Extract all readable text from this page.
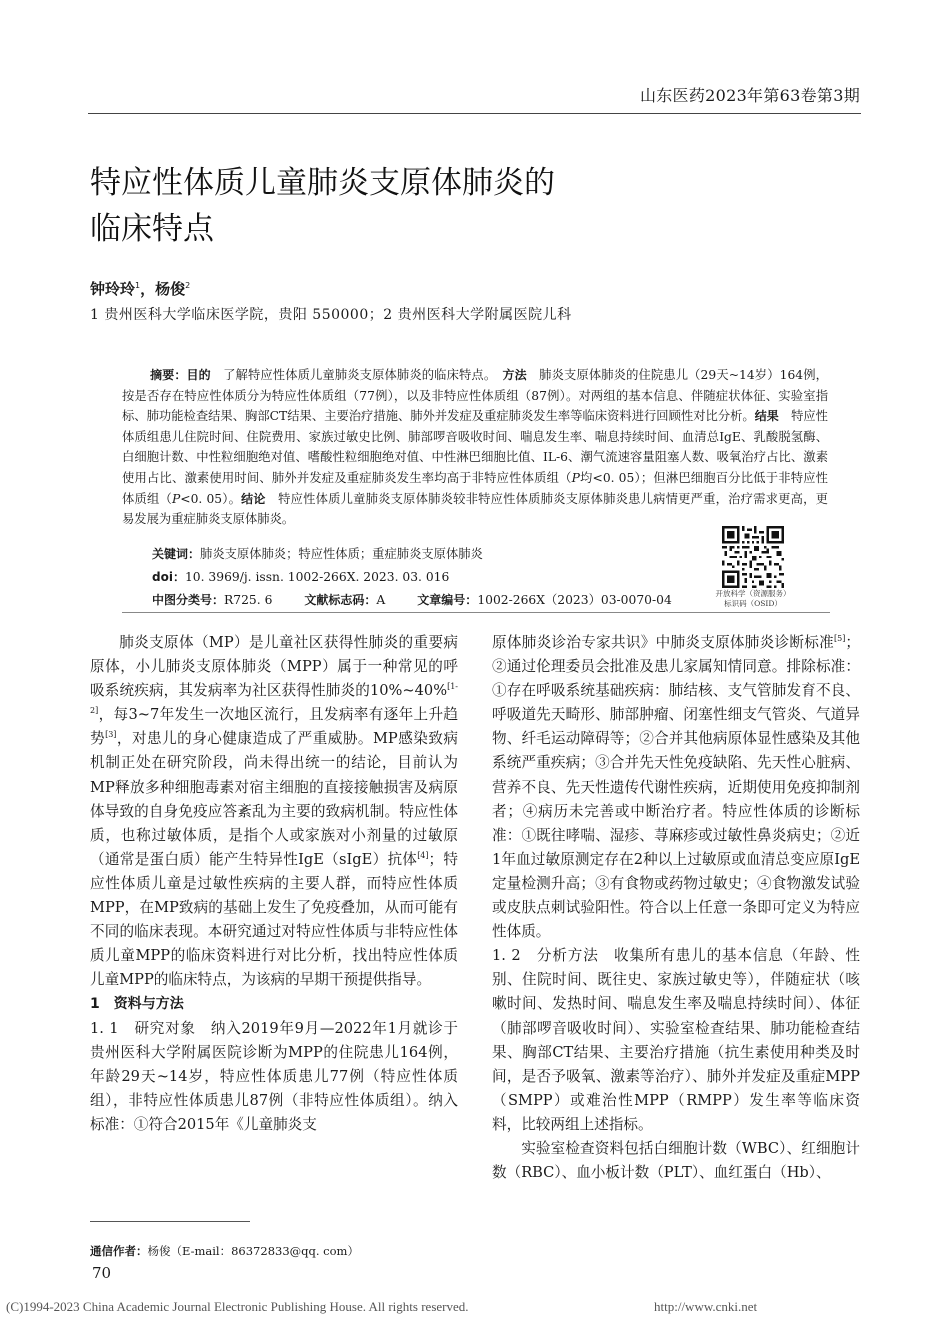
山东医药2023年第63卷第3期
特应性体质儿童肺炎支原体肺炎的
临床特点
钟玲玲$^1$，杨俊$^2$
1 贵州医科大学临床医学院，贵阳 550000；2 贵州医科大学附属医院儿科

摘要：目的　 了解特应性体质儿童肺炎支原体肺炎的临床特点。　 方法　 肺炎支原体肺炎的住院患儿（29天~14岁）164例，按是否存在特应性体质分为特应性体质组（77例），以及非特应性体质组（87例）。对两组的基本信息、伴随症状体征、实验室指标、肺功能检查结果、胸部CT结果、主要治疗措施、肺外并发症及重症肺炎发生率等临床资料进行回顾性对比分析。结果　 特应性体质组患儿住院时间、住院费用、家族过敏史比例、肺部啰音吸收时间、喘息发生率、喘息持续时间、血清总IgE、乳酸脱氢酶、白细胞计数、中性粒细胞绝对值、嗜酸性粒细胞绝对值、中性淋巴细胞比值、IL-6、潮气流速容量阻塞人数、吸氧治疗占比、激素使用占比、激素使用时间、肺外并发症及重症肺炎发生率均高于非特应性体质组（P均<0. 05）；但淋巴细胞百分比低于非特应性体质组（P<0. 05）。结论　 特应性体质儿童肺炎支原体肺炎较非特应性体质肺炎支原体肺炎患儿病情更严重，治疗需求更高，更易发展为重症肺炎支原体肺炎。

关键词：肺炎支原体肺炎；特应性体质；重症肺炎支原体肺炎
doi：10. 3969/j. issn. 1002-266X. 2023. 03. 016
中图分类号：R725. 6	文献标志码：A	文章编号：1002-266X（2023）03-0070-04	开放科学（资源服务）
标识码（OSID）

肺炎支原体（MP）是儿童社区获得性肺炎的重要病原体，小儿肺炎支原体肺炎（MPP）属于一种常见的呼吸系统疾病，其发病率为社区获得性肺炎的10%~40%[1-2]，每3~7年发生一次地区流行，且发病率有逐年上升趋势[3]，对患儿的身心健康造成了严重威胁。MP感染致病机制正处在研究阶段，尚未得出统一的结论，目前认为MP释放多种细胞毒素对宿主细胞的直接接触损害及病原体导致的自身免疫应答紊乱为主要的致病机制。特应性体质，也称过敏体质，是指个人或家族对小剂量的过敏原（通常是蛋白质）能产生特异性IgE（sIgE）抗体[4]；特应性体质儿童是过敏性疾病的主要人群，而特应性体质MPP，在MP致病的基础上发生了免疫叠加，从而可能有不同的临床表现。本研究通过对特应性体质与非特应性体质儿童MPP的临床资料进行对比分析，找出特应性体质儿童MPP的临床特点，为该病的早期干预提供指导。

1　资料与方法

1. 1　研究对象　纳入2019年9月—2022年1月就诊于贵州医科大学附属医院诊断为MPP的住院患儿164例，年龄29天~14岁，特应性体质患儿77例（特应性体质组），非特应性体质患儿87例（非特应性体质组）。纳入标准：①符合2015年《儿童肺炎支

原体肺炎诊治专家共识》中肺炎支原体肺炎诊断标准[5]；②通过伦理委员会批准及患儿家属知情同意。排除标准：①存在呼吸系统基础疾病：肺结核、支气管肺发育不良、呼吸道先天畸形、肺部肿瘤、闭塞性细支气管炎、气道异物、纤毛运动障碍等；②合并其他病原体显性感染及其他系统严重疾病；③合并先天性免疫缺陷、先天性心脏病、营养不良、先天性遗传代谢性疾病，近期使用免疫抑制剂者；④病历未完善或中断治疗者。特应性体质的诊断标准：①既往哮喘、湿疹、荨麻疹或过敏性鼻炎病史；②近1年血过敏原测定存在2种以上过敏原或血清总变应原IgE定量检测升高；③有食物或药物过敏史；④食物激发试验或皮肤点刺试验阳性。符合以上任意一条即可定义为特应性体质。

1. 2　分析方法　收集所有患儿的基本信息（年龄、性别、住院时间、既往史、家族过敏史等），伴随症状（咳嗽时间、发热时间、喘息发生率及喘息持续时间）、体征（肺部啰音吸收时间）、实验室检查结果、肺功能检查结果、胸部CT结果、主要治疗措施（抗生素使用种类及时间，是否予吸氧、激素等治疗）、肺外并发症及重症MPP（SMPP）或难治性MPP（RMPP）发生率等临床资料，比较两组上述指标。

实验室检查资料包括白细胞计数（WBC）、红细胞计数（RBC）、血小板计数（PLT）、血红蛋白（Hb）、

通信作者：杨俊（E-mail：86372833@qq. com）
70
(C)1994-2023 China Academic Journal Electronic Publishing House. All rights reserved.	http://www.cnki.net
